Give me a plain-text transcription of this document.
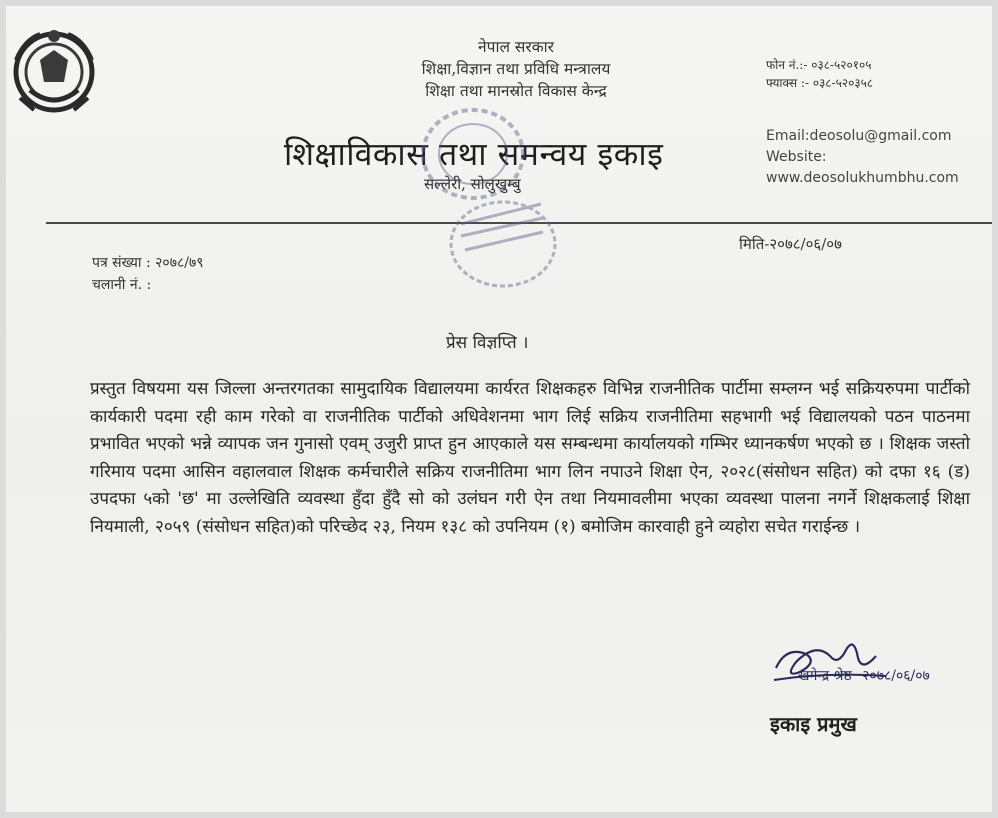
नेपाल सरकार
शिक्षा,विज्ञान तथा प्रविधि मन्त्रालय
शिक्षा तथा मानस्रोत विकास केन्द्र
शिक्षाविकास तथा समन्वय इकाइ
सल्लेरी, सोलुखुम्बु
फोन नं.:- ०३८-५२०१०५
फ्याक्स :- ०३८-५२०३५८
Email:deosolu@gmail.com
Website:
www.deosolukhumbhu.com
पत्र संख्या : २०७८/७९
चलानी नं. :
मिति-२०७८/०६/०७
प्रेस विज्ञप्ति ।
प्रस्तुत विषयमा यस जिल्ला अन्तरगतका सामुदायिक विद्यालयमा कार्यरत शिक्षकहरु विभिन्न राजनीतिक पार्टीमा सम्लग्न भई सक्रियरुपमा पार्टीको कार्यकारी पदमा रही काम गरेको वा राजनीतिक पार्टीको अधिवेशनमा भाग लिई सक्रिय राजनीतिमा सहभागी भई विद्यालयको पठन पाठनमा प्रभावित भएको भन्ने व्यापक जन गुनासो एवम् उजुरी प्राप्त हुन आएकाले यस सम्बन्धमा कार्यालयको गम्भिर ध्यानकर्षण भएको छ । शिक्षक जस्तो गरिमाय पदमा आसिन वहालवाल शिक्षक कर्मचारीले सक्रिय राजनीतिमा भाग लिन नपाउने शिक्षा ऐन, २०२८(संसोधन सहित) को दफा १६ (ड) उपदफा ५को 'छ' मा उल्लेखिति व्यवस्था हुँदा हुँदै सो को उलंघन गरी ऐन तथा नियमावलीमा भएका व्यवस्था पालना नगर्ने शिक्षकलाई शिक्षा नियमाली, २०५९ (संसोधन सहित)को परिच्छेद २३, नियम १३८ को उपनियम (१) बमोजिम कारवाही हुने व्यहोरा सचेत गराईन्छ ।
खगेन्द्र श्रेष्ठ २०७८/०६/०७
इकाइ प्रमुख
